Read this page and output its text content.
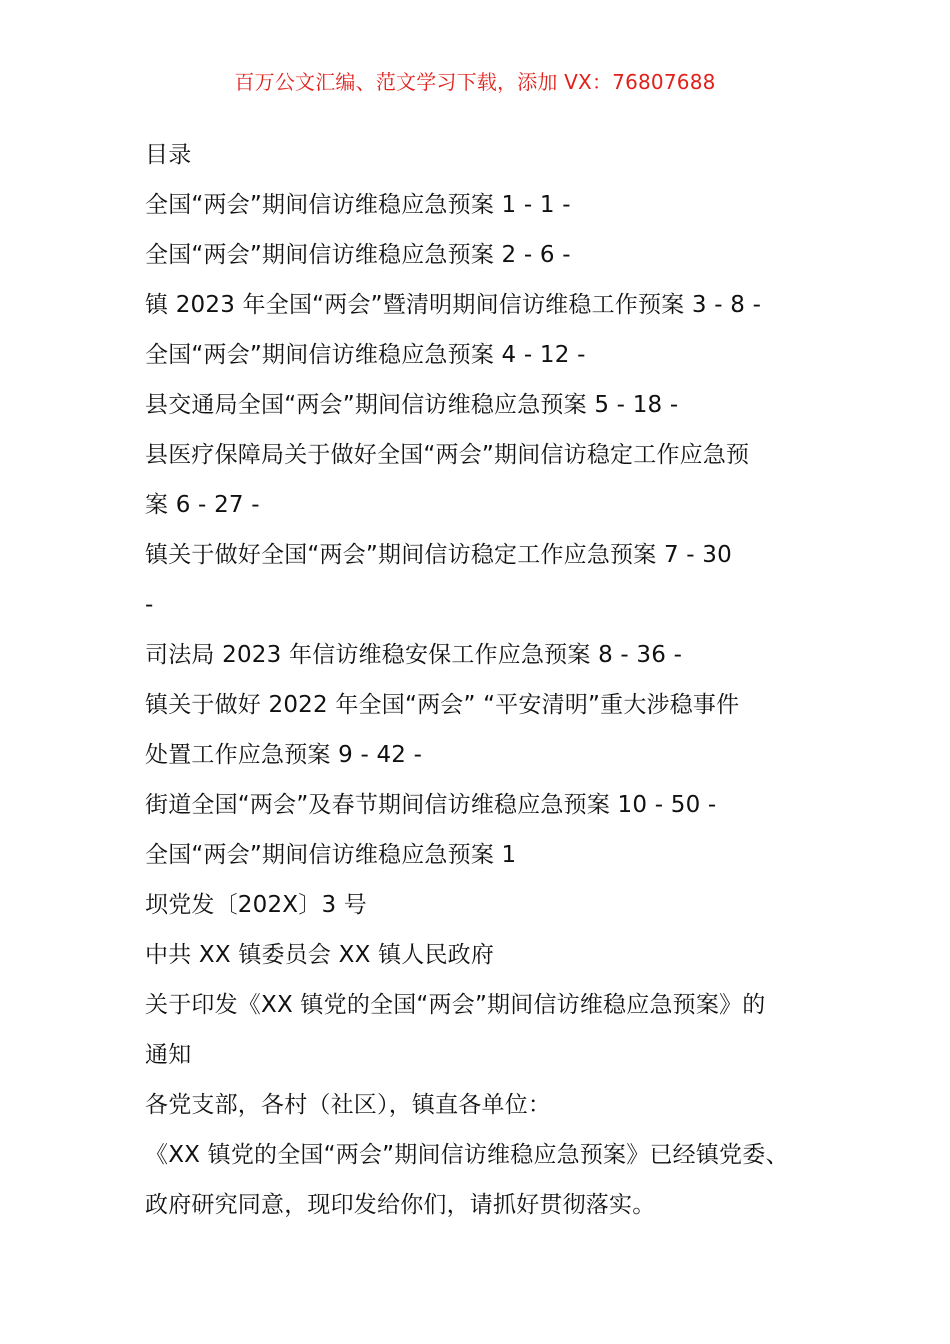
百万公文汇编、范文学习下载，添加 VX：76807688
目录
全国“两会”期间信访维稳应急预案 1 - 1 -
全国“两会”期间信访维稳应急预案 2 - 6 -
镇 2023 年全国“两会”暨清明期间信访维稳工作预案 3 - 8 -
全国“两会”期间信访维稳应急预案 4 - 12 -
县交通局全国“两会”期间信访维稳应急预案 5 - 18 -
县医疗保障局关于做好全国“两会”期间信访稳定工作应急预
案 6 - 27 -
镇关于做好全国“两会”期间信访稳定工作应急预案 7 - 30
-
司法局 2023 年信访维稳安保工作应急预案 8 - 36 -
镇关于做好 2022 年全国“两会” “平安清明”重大涉稳事件
处置工作应急预案 9 - 42 -
街道全国“两会”及春节期间信访维稳应急预案 10 - 50 -
全国“两会”期间信访维稳应急预案 1
坝党发〔202X〕3 号
中共 XX 镇委员会 XX 镇人民政府
关于印发《XX 镇党的全国“两会”期间信访维稳应急预案》的
通知
各党支部，各村（社区），镇直各单位：
《XX 镇党的全国“两会”期间信访维稳应急预案》已经镇党委、
政府研究同意，现印发给你们，请抓好贯彻落实。
